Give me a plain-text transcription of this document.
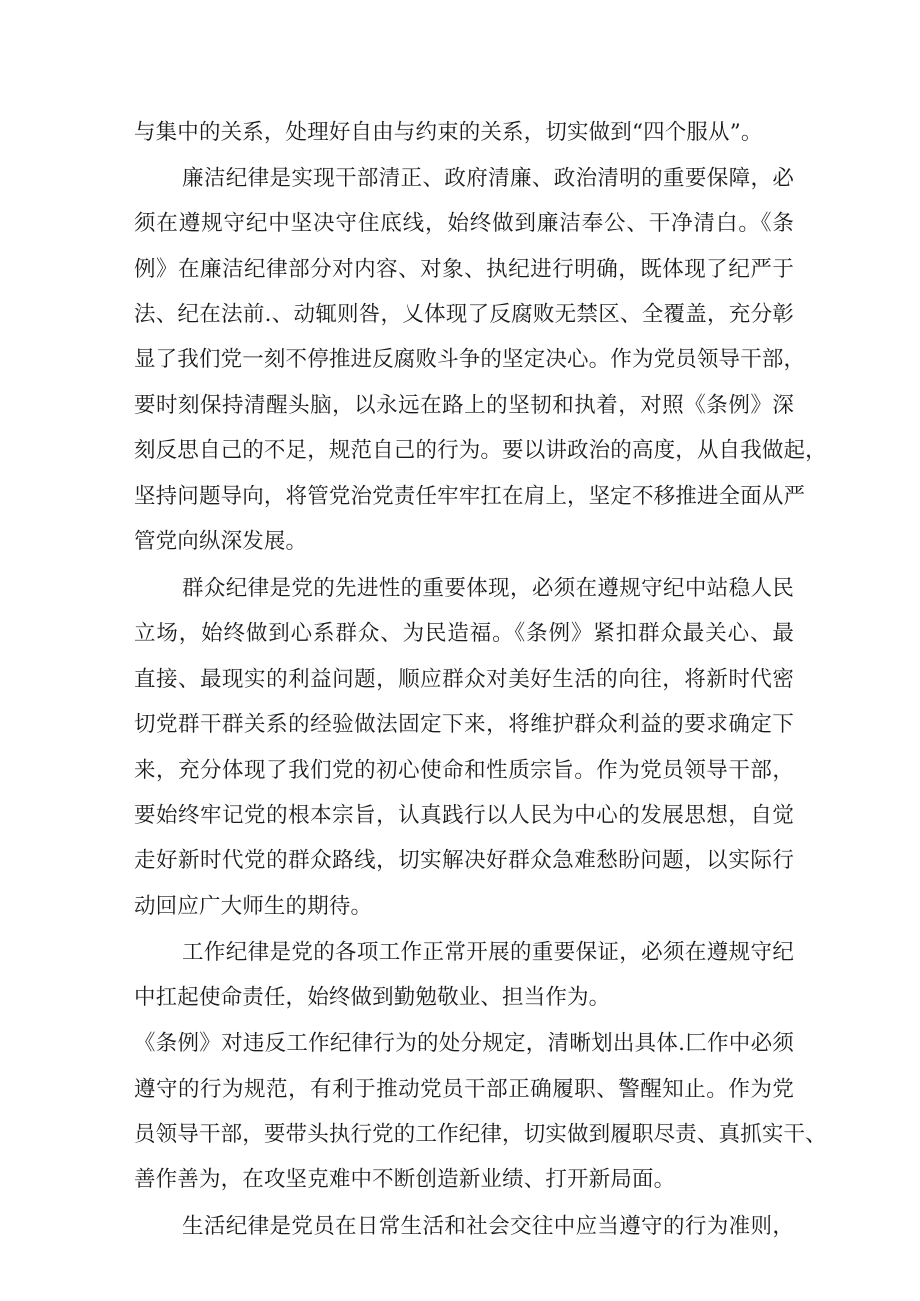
与集中的关系，处理好自由与约束的关系，切实做到“四个服从”。
廉洁纪律是实现干部清正、政府清廉、政治清明的重要保障，必
须在遵规守纪中坚决守住底线，始终做到廉洁奉公、干净清白。《条
例》在廉洁纪律部分对内容、对象、执纪进行明确，既体现了纪严于
法、纪在法前.、动辄则咎，乂体现了反腐败无禁区、全覆盖，充分彰
显了我们党一刻不停推进反腐败斗争的坚定决心。作为党员领导干部，
要时刻保持清醒头脑，以永远在路上的坚韧和执着，对照《条例》深
刻反思自己的不足，规范自己的行为。要以讲政治的高度，从自我做起，
坚持问题导向，将管党治党责任牢牢扛在肩上，坚定不移推进全面从严
管党向纵深发展。
群众纪律是党的先进性的重要体现，必须在遵规守纪中站稳人民
立场，始终做到心系群众、为民造福。《条例》紧扣群众最关心、最
直接、最现实的利益问题，顺应群众对美好生活的向往，将新时代密
切党群干群关系的经验做法固定下来，将维护群众利益的要求确定下
来，充分体现了我们党的初心使命和性质宗旨。作为党员领导干部，
要始终牢记党的根本宗旨，认真践行以人民为中心的发展思想，自觉
走好新时代党的群众路线，切实解决好群众急难愁盼问题，以实际行
动回应广大师生的期待。
工作纪律是党的各项工作正常开展的重要保证，必须在遵规守纪
中扛起使命责任，始终做到勤勉敬业、担当作为。
《条例》对违反工作纪律行为的处分规定，清晰划出具体.匚作中必须
遵守的行为规范，有利于推动党员干部正确履职、警醒知止。作为党
员领导干部，要带头执行党的工作纪律，切实做到履职尽责、真抓实干、
善作善为，在攻坚克难中不断创造新业绩、打开新局面。
生活纪律是党员在日常生活和社会交往中应当遵守的行为准则，
